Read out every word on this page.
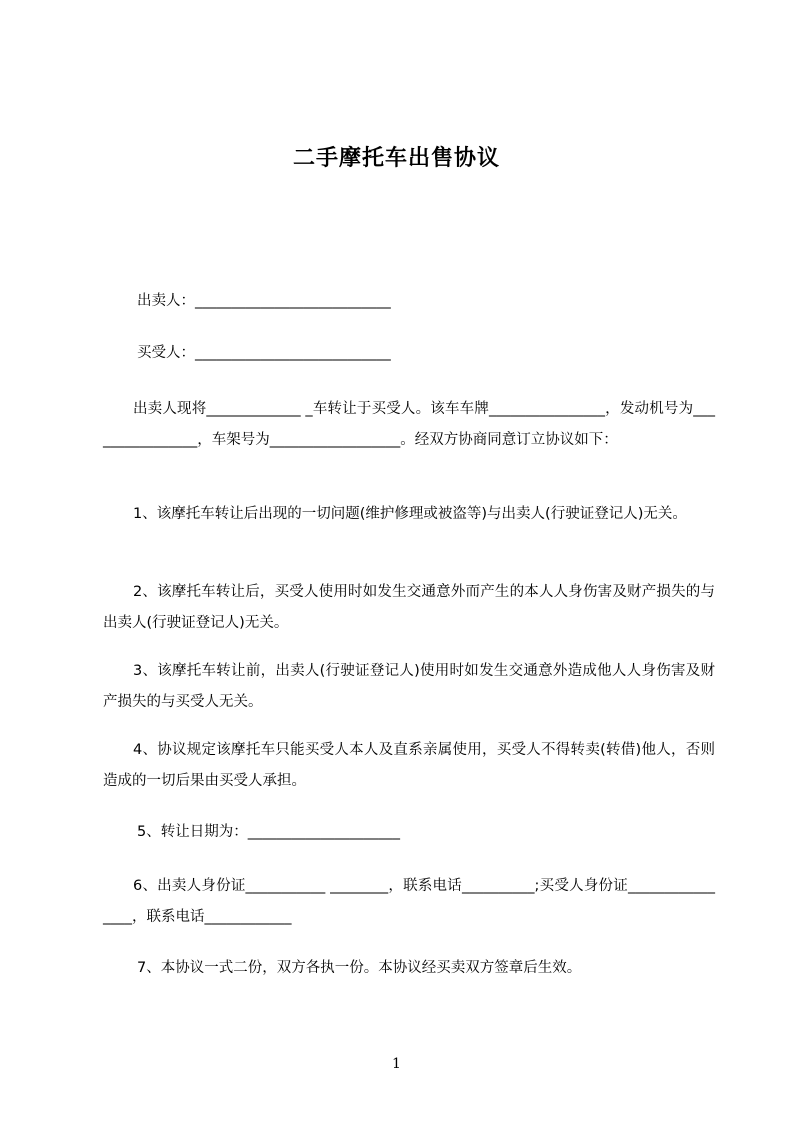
二手摩托车出售协议
出卖人：___________________________
买受人：___________________________
出卖人现将_____________ _车转让于买受人。该车车牌________________，发动机号为________________，车架号为__________________。经双方协商同意订立协议如下：
1、该摩托车转让后出现的一切问题(维护修理或被盗等)与出卖人(行驶证登记人)无关。
2、该摩托车转让后，买受人使用时如发生交通意外而产生的本人人身伤害及财产损失的与出卖人(行驶证登记人)无关。
3、该摩托车转让前，出卖人(行驶证登记人)使用时如发生交通意外造成他人人身伤害及财产损失的与买受人无关。
4、协议规定该摩托车只能买受人本人及直系亲属使用，买受人不得转卖(转借)他人，否则造成的一切后果由买受人承担。
5、转让日期为：_____________________
6、出卖人身份证___________ ________，联系电话__________;买受人身份证________________，联系电话____________
7、本协议一式二份，双方各执一份。本协议经买卖双方签章后生效。
1
